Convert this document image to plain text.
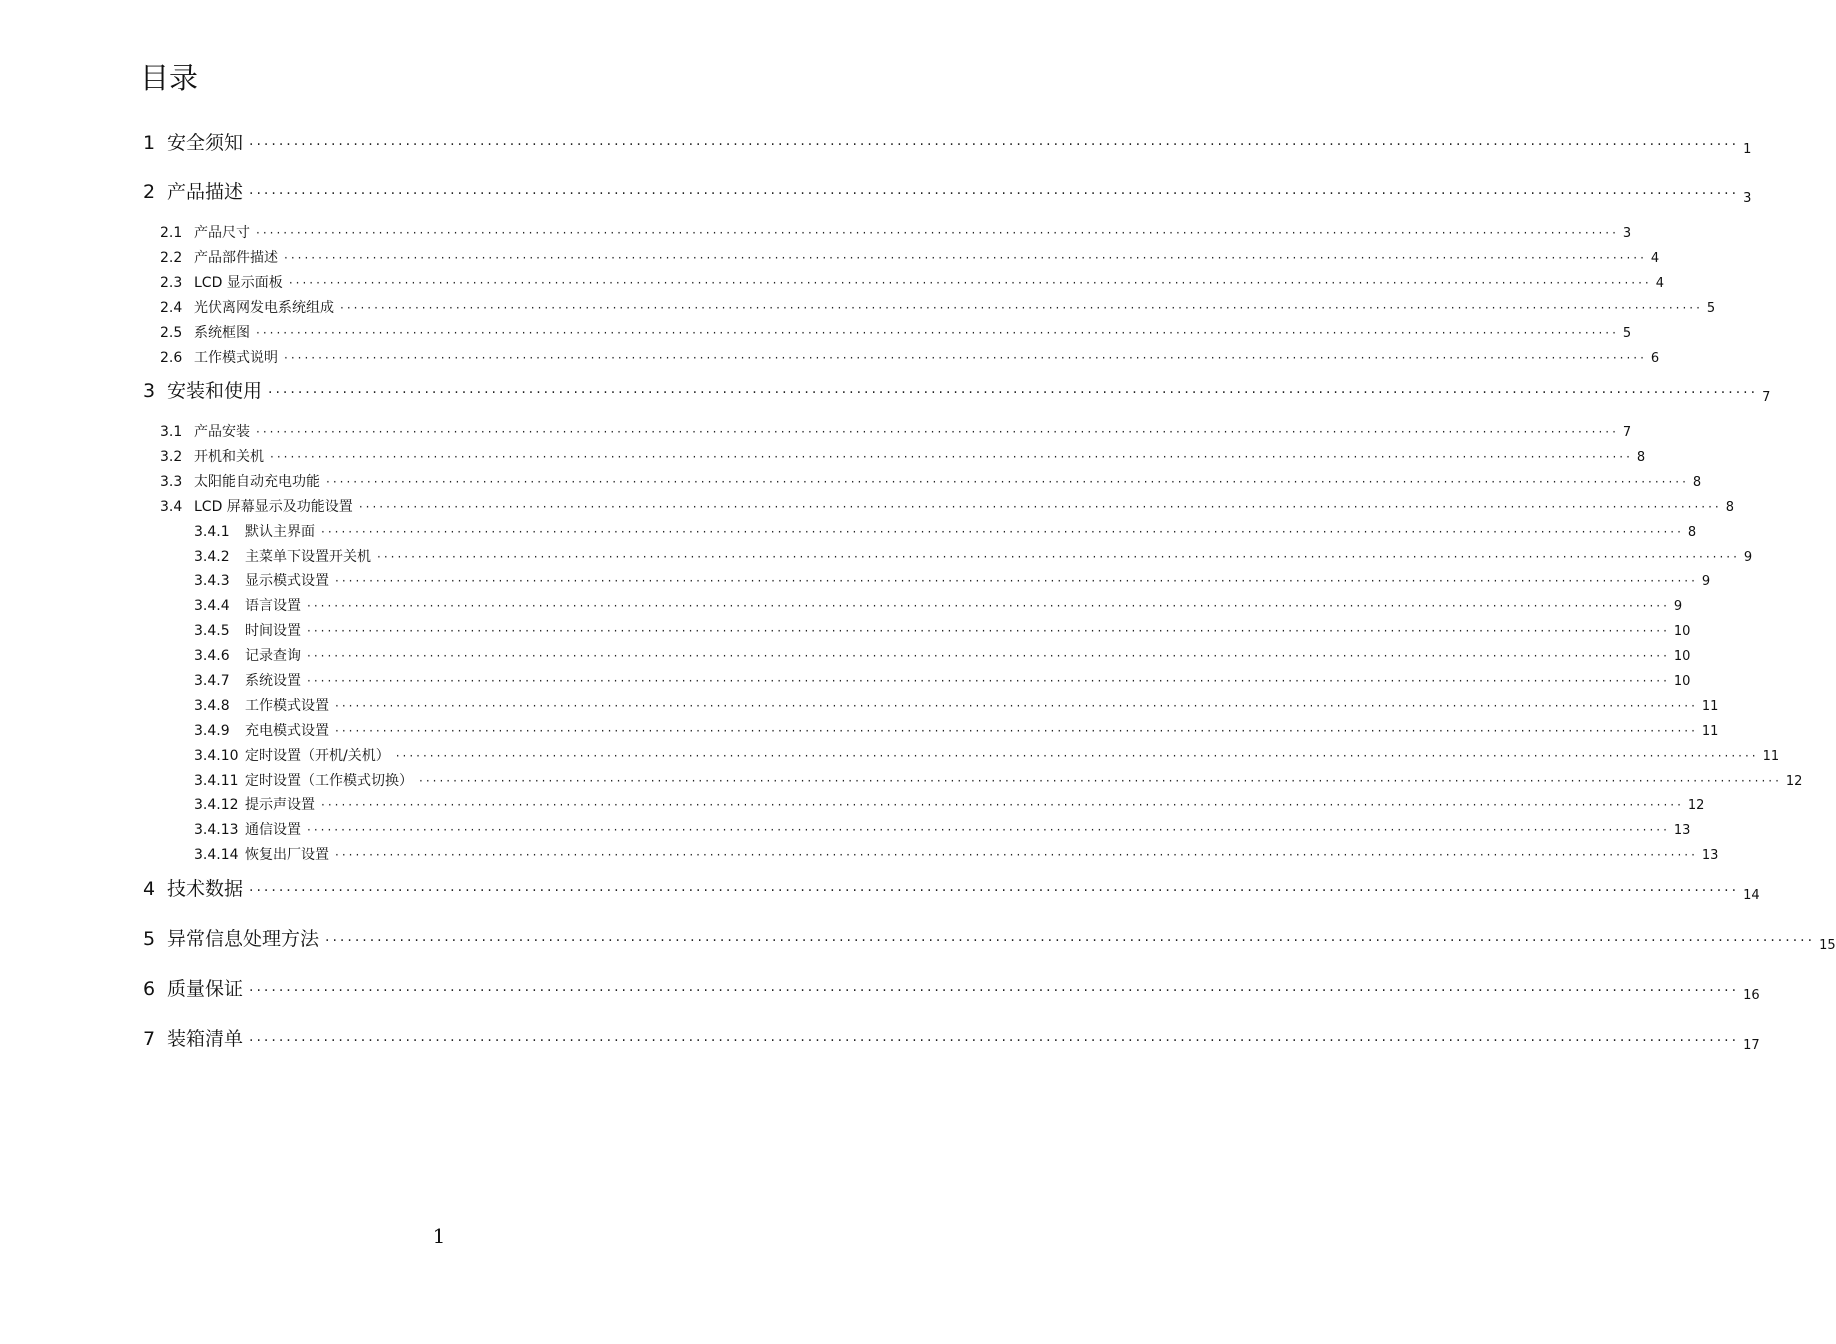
目录
1 安全须知 ········································································································································································································ 1
2 产品描述 ········································································································································································································ 3
2.1 产品尺寸 ········································································································································································································ 3
2.2 产品部件描述 ········································································································································································································ 4
2.3 LCD 显示面板 ········································································································································································································ 4
2.4 光伏离网发电系统组成 ········································································································································································································ 5
2.5 系统框图 ········································································································································································································ 5
2.6 工作模式说明 ········································································································································································································ 6
3 安装和使用 ········································································································································································································ 7
3.1 产品安装 ········································································································································································································ 7
3.2 开机和关机 ········································································································································································································ 8
3.3 太阳能自动充电功能 ········································································································································································································ 8
3.4 LCD 屏幕显示及功能设置 ········································································································································································································ 8
3.4.1 默认主界面 ········································································································································································································ 8
3.4.2 主菜单下设置开关机 ········································································································································································································ 9
3.4.3 显示模式设置 ········································································································································································································ 9
3.4.4 语言设置 ········································································································································································································ 9
3.4.5 时间设置 ········································································································································································································ 10
3.4.6 记录查询 ········································································································································································································ 10
3.4.7 系统设置 ········································································································································································································ 10
3.4.8 工作模式设置 ········································································································································································································ 11
3.4.9 充电模式设置 ········································································································································································································ 11
3.4.10 定时设置（开机/关机） ········································································································································································································ 11
3.4.11 定时设置（工作模式切换） ········································································································································································································ 12
3.4.12 提示声设置 ········································································································································································································ 12
3.4.13 通信设置 ········································································································································································································ 13
3.4.14 恢复出厂设置 ········································································································································································································ 13
4 技术数据 ········································································································································································································ 14
5 异常信息处理方法 ········································································································································································································ 15
6 质量保证 ········································································································································································································ 16
7 装箱清单 ········································································································································································································ 17
1
